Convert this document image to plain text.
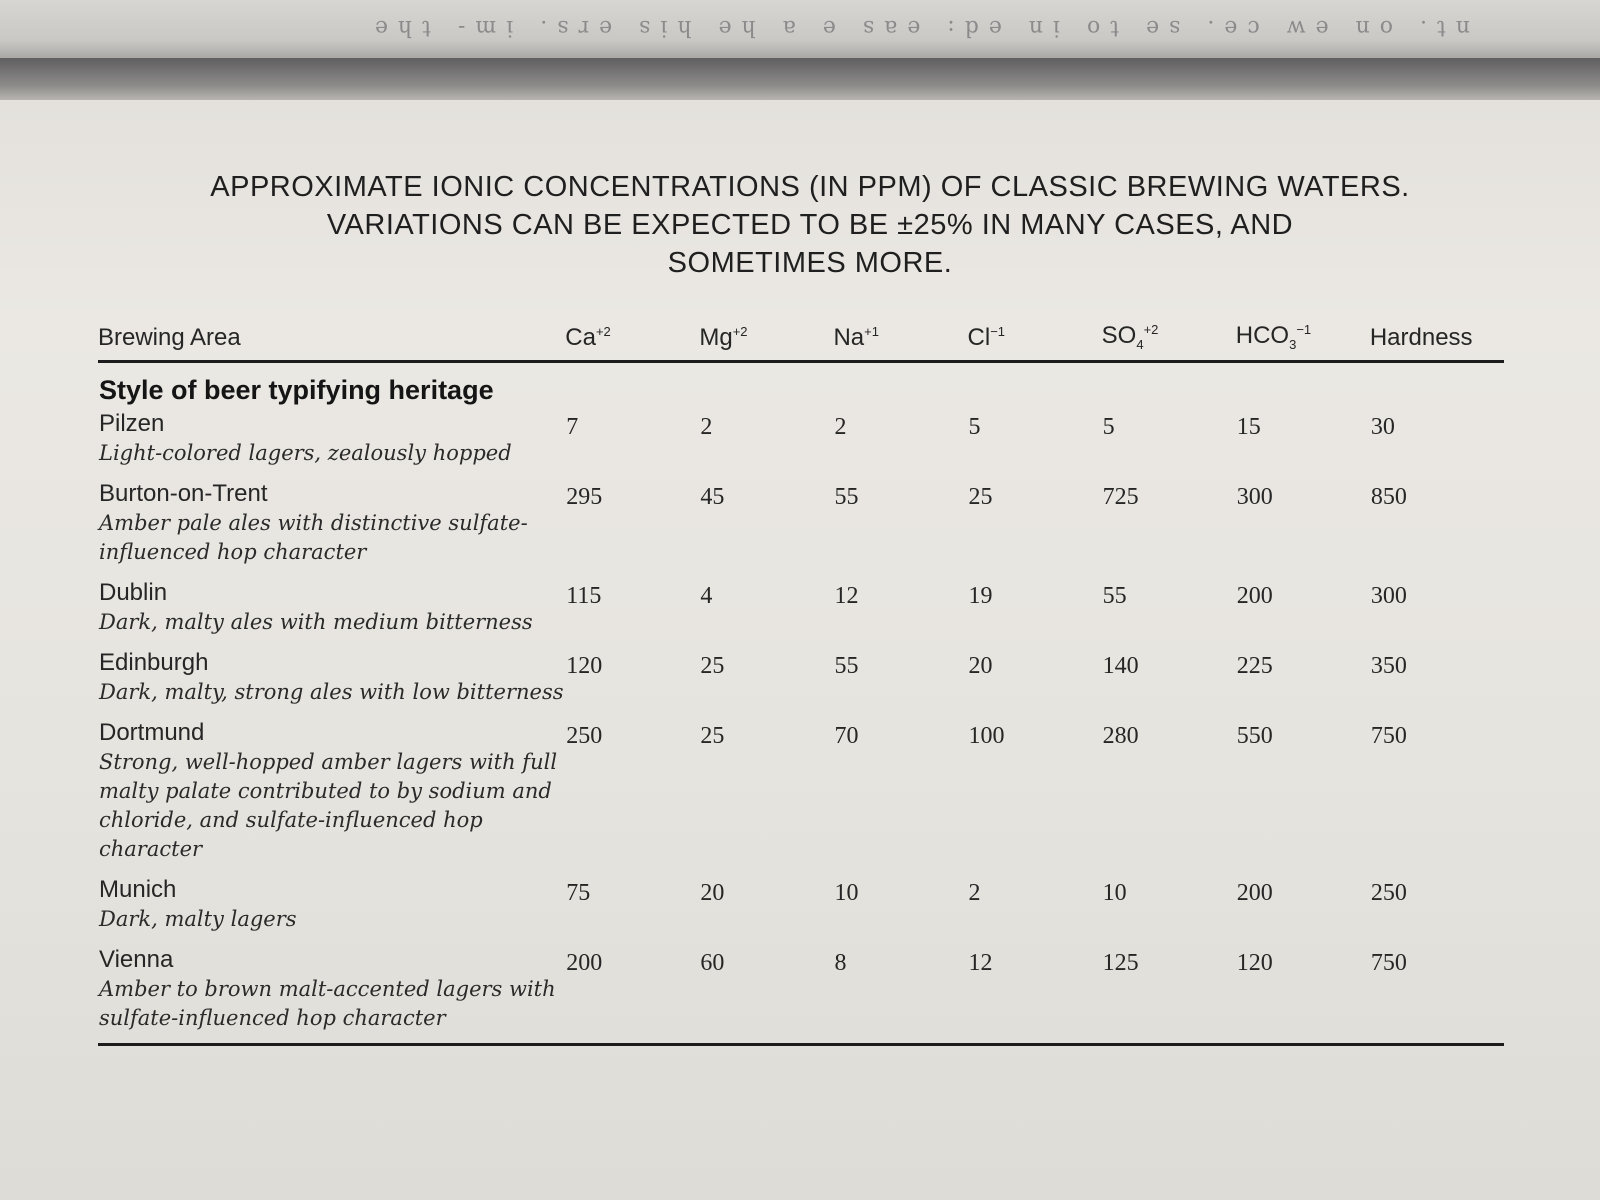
nt. on ew ce. se to in ed: eas e a he his ers. im- the
APPROXIMATE IONIC CONCENTRATIONS (IN PPM) OF CLASSIC BREWING WATERS.
VARIATIONS CAN BE EXPECTED TO BE ±25% IN MANY CASES, AND
SOMETIMES MORE.
Brewing Area	$Ca^{+2}$	$Mg^{+2}$	$Na^{+1}$	$Cl^{-1}$	$SO_4^{+2}$	$HCO_3^{-1}$	Hardness
Style of beer typifying heritage							

Pilzen
Light-colored lagers, zealously hopped	7	2	2	5	5	15	30

Burton-on-Trent
Amber pale ales with distinctive sulfate-influenced hop character	295	45	55	25	725	300	850

Dublin
Dark, malty ales with medium bitterness	115	4	12	19	55	200	300

Edinburgh
Dark, malty, strong ales with low bitterness	120	25	55	20	140	225	350

Dortmund
Strong, well-hopped amber lagers with full malty palate contributed to by sodium and chloride, and sulfate-influenced hop character	250	25	70	100	280	550	750

Munich
Dark, malty lagers	75	20	10	2	10	200	250

Vienna
Amber to brown malt-accented lagers with sulfate-influenced hop character	200	60	8	12	125	120	750
